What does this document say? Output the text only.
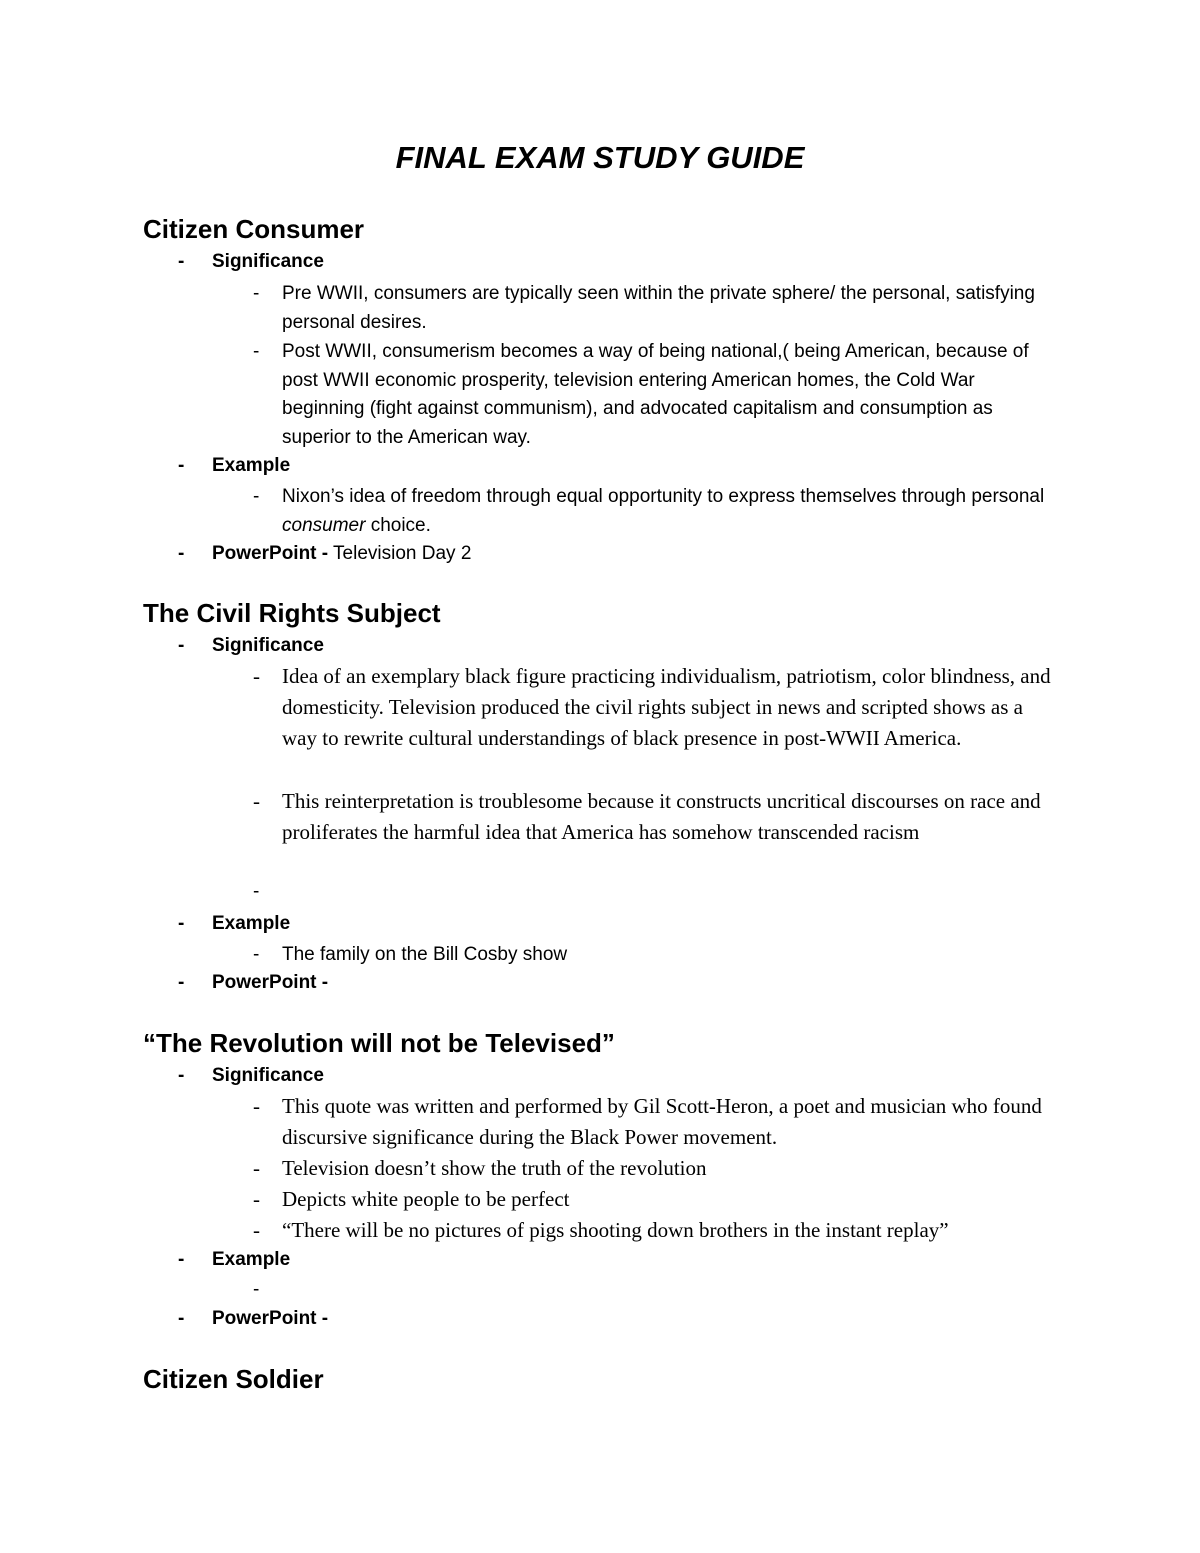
FINAL EXAM STUDY GUIDE
Citizen Consumer
- Significance
- Pre WWII, consumers are typically seen within the private sphere/ the personal, satisfying personal desires.
- Post WWII, consumerism becomes a way of being national,( being American, because of post WWII economic prosperity, television entering American homes, the Cold War beginning (fight against communism), and advocated capitalism and consumption as superior to the American way.
- Example
- Nixon’s idea of freedom through equal opportunity to express themselves through personal consumer choice.
- PowerPoint - Television Day 2
The Civil Rights Subject
- Significance
- Idea of an exemplary black figure practicing individualism, patriotism, color blindness, and domesticity. Television produced the civil rights subject in news and scripted shows as a way to rewrite cultural understandings of black presence in post-WWII America.
- This reinterpretation is troublesome because it constructs uncritical discourses on race and proliferates the harmful idea that America has somehow transcended racism
-
- Example
- The family on the Bill Cosby show
- PowerPoint -
“The Revolution will not be Televised”
- Significance
- This quote was written and performed by Gil Scott-Heron, a poet and musician who found discursive significance during the Black Power movement.
- Television doesn’t show the truth of the revolution
- Depicts white people to be perfect
- “There will be no pictures of pigs shooting down brothers in the instant replay”
- Example
-
- PowerPoint -
Citizen Soldier
